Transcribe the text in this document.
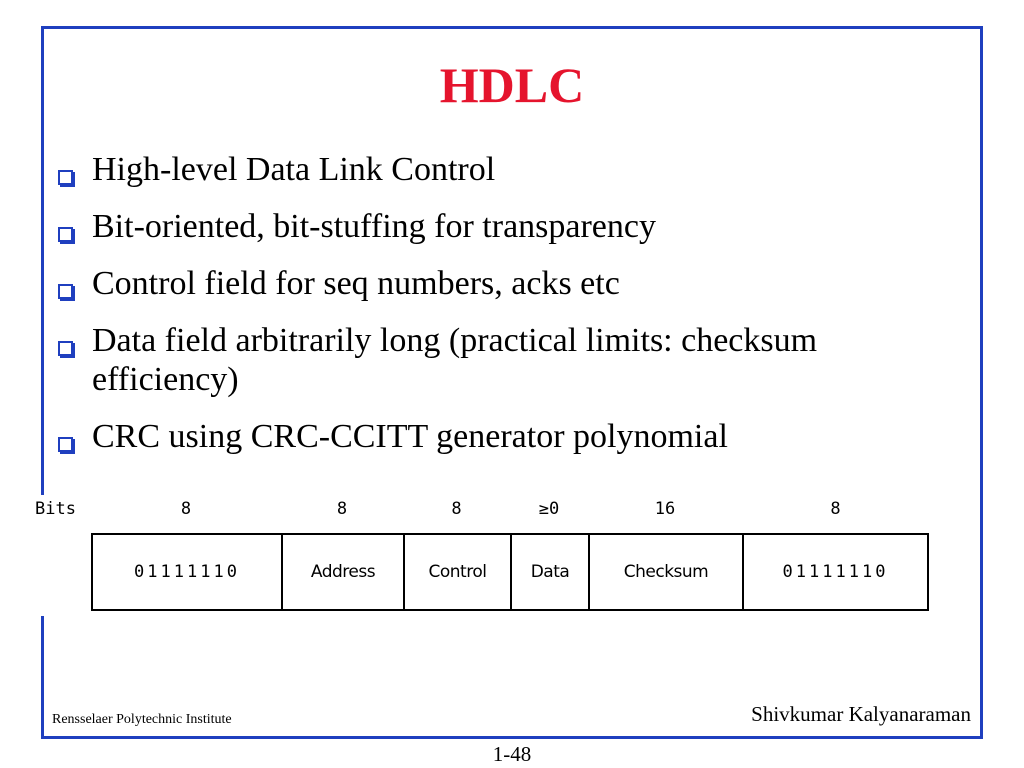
HDLC
High-level Data Link Control
Bit-oriented, bit-stuffing for transparency
Control field for seq numbers, acks etc
Data field arbitrarily long (practical limits: checksum efficiency)
CRC using CRC-CCITT generator polynomial
Bits	8	8	8	≥0	16	8
01111110	Address	Control	Data	Checksum	01111110
Rensselaer Polytechnic Institute	Shivkumar Kalyanaraman
1-48
